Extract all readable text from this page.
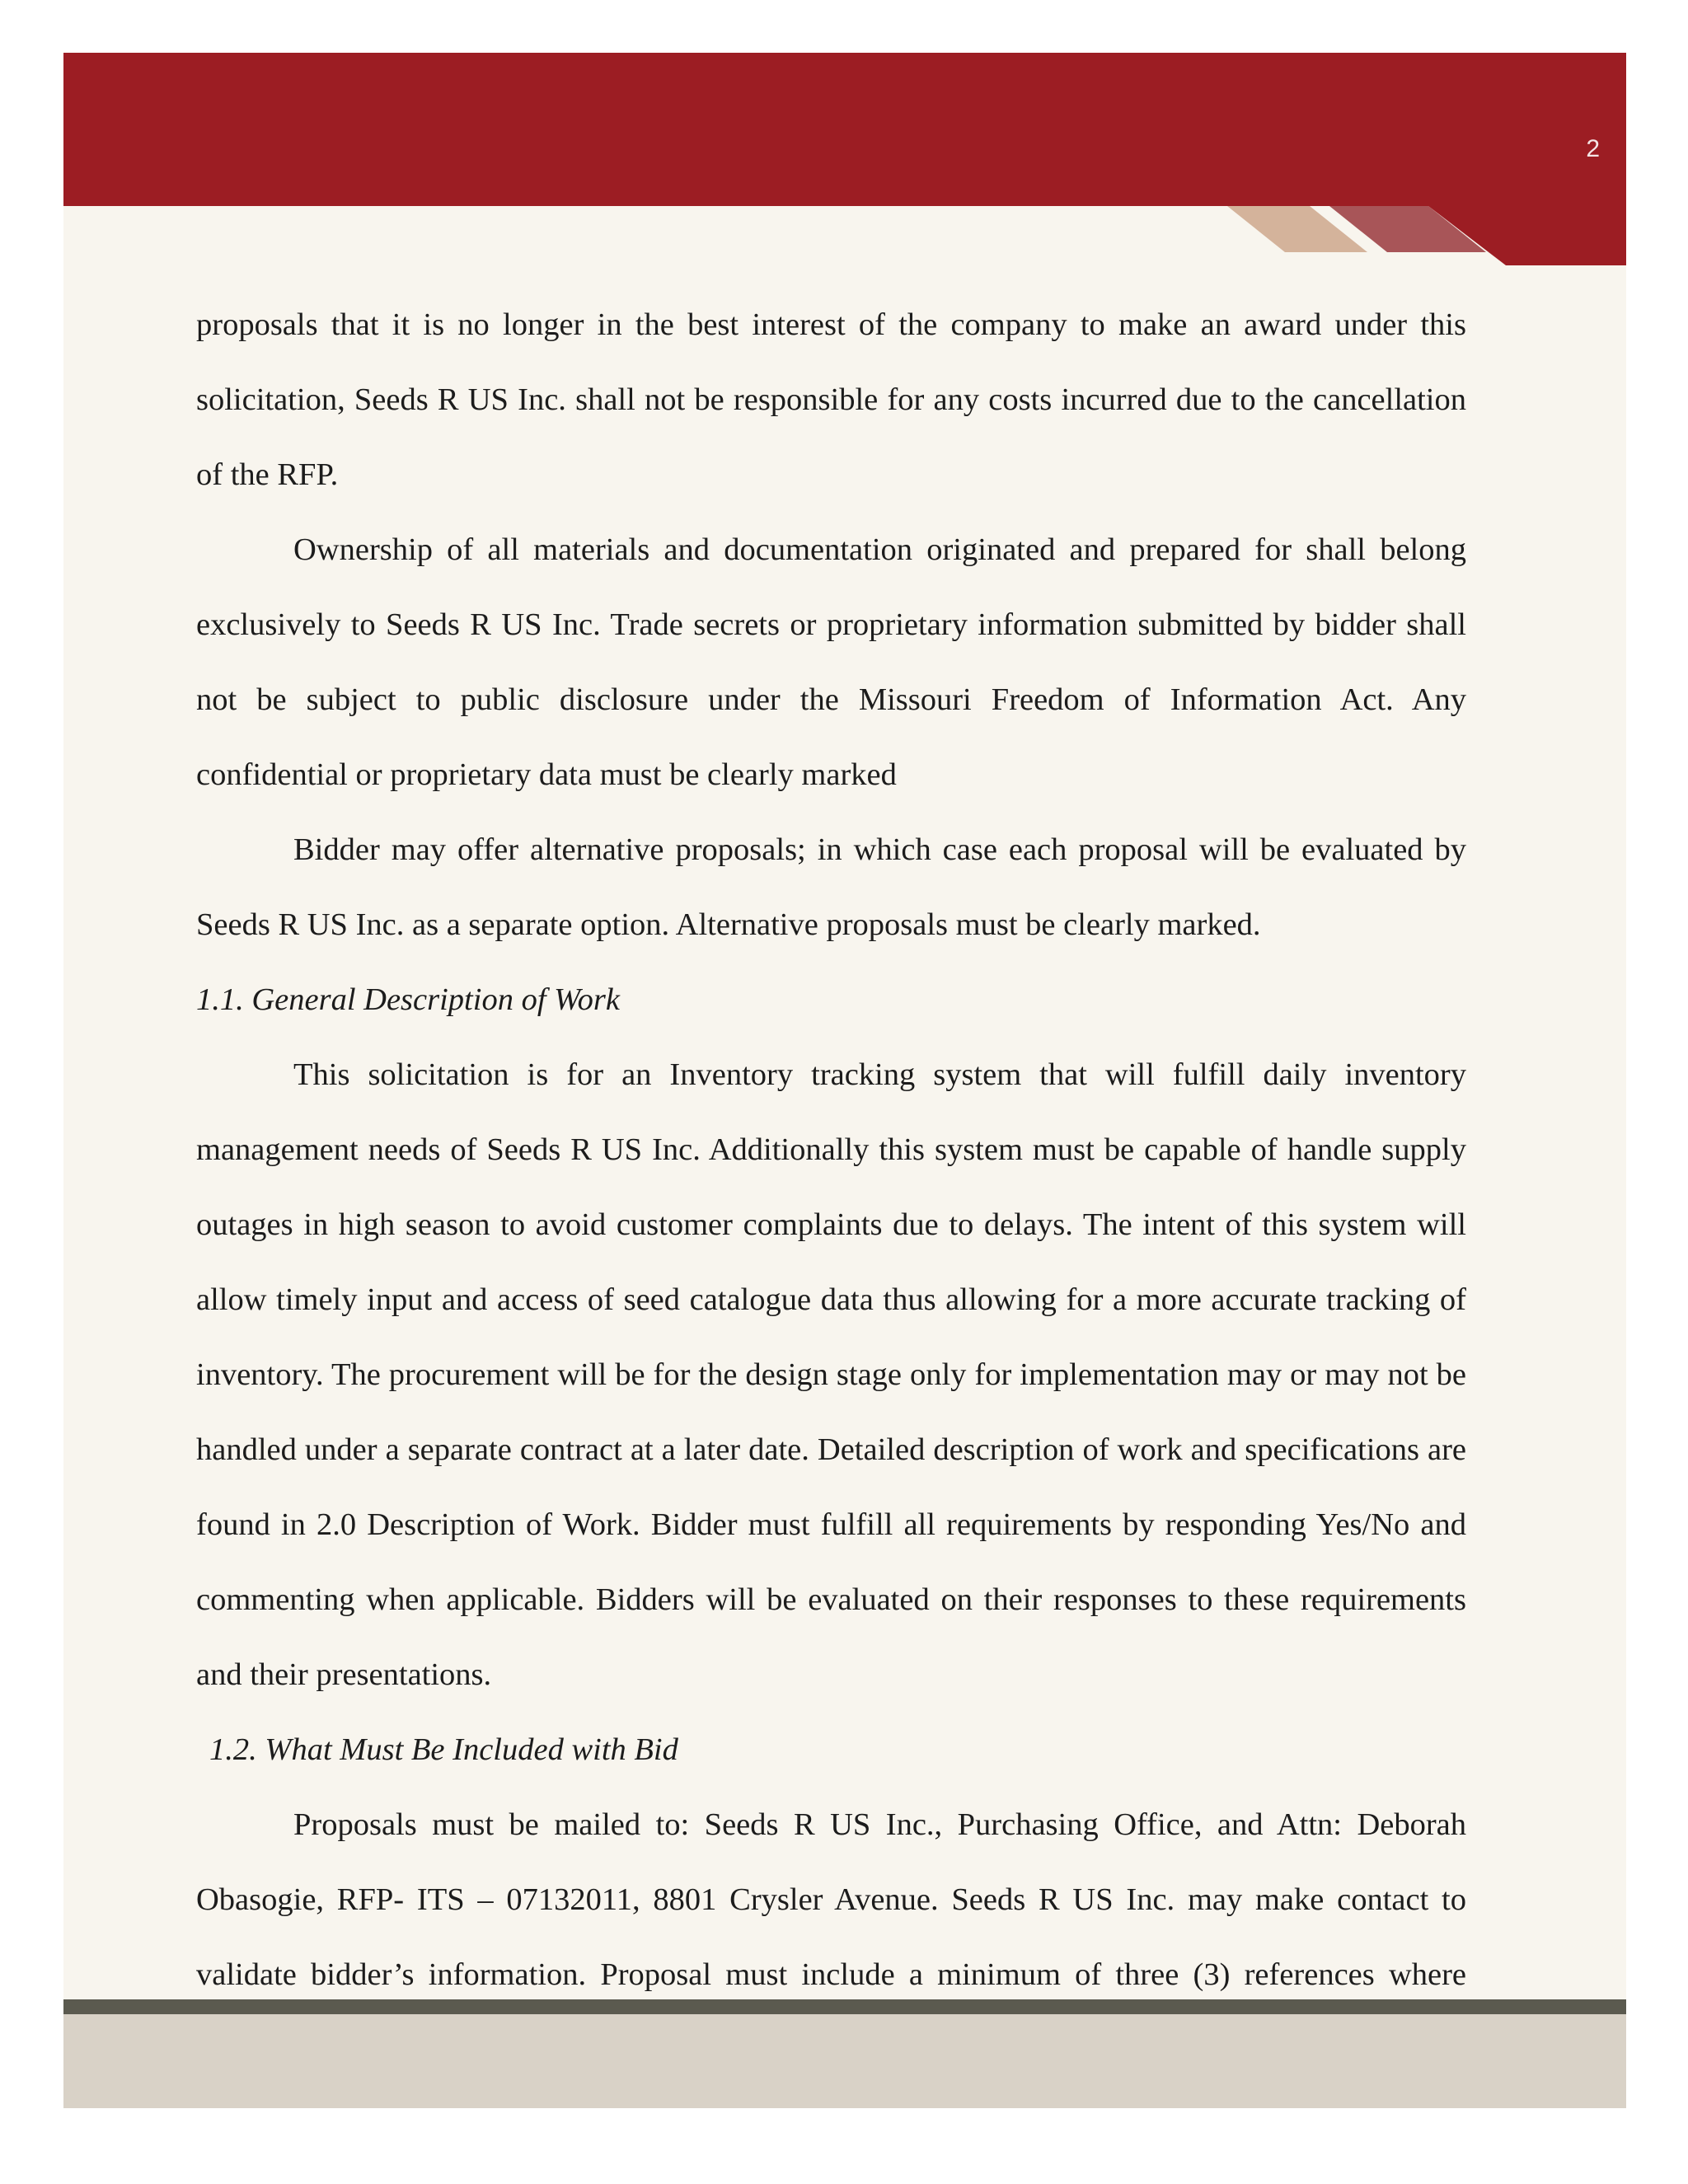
2

proposals that it is no longer in the best interest of the company to make an award under this solicitation, Seeds R US Inc. shall not be responsible for any costs incurred due to the cancellation of the RFP.

Ownership of all materials and documentation originated and prepared for shall belong exclusively to Seeds R US Inc. Trade secrets or proprietary information submitted by bidder shall not be subject to public disclosure under the Missouri Freedom of Information Act. Any confidential or proprietary data must be clearly marked

Bidder may offer alternative proposals; in which case each proposal will be evaluated by Seeds R US Inc. as a separate option. Alternative proposals must be clearly marked.

1.1. General Description of Work

This solicitation is for an Inventory tracking system that will fulfill daily inventory management needs of Seeds R US Inc. Additionally this system must be capable of handle supply outages in high season to avoid customer complaints due to delays. The intent of this system will allow timely input and access of seed catalogue data thus allowing for a more accurate tracking of inventory. The procurement will be for the design stage only for implementation may or may not be handled under a separate contract at a later date. Detailed description of work and specifications are found in 2.0 Description of Work. Bidder must fulfill all requirements by responding Yes/No and commenting when applicable. Bidders will be evaluated on their responses to these requirements and their presentations.

1.2. What Must Be Included with Bid

Proposals must be mailed to: Seeds R US Inc., Purchasing Office, and Attn: Deborah Obasogie, RFP- ITS – 07132011, 8801 Crysler Avenue. Seeds R US Inc. may make contact to validate bidder’s information. Proposal must include a minimum of three (3) references where
